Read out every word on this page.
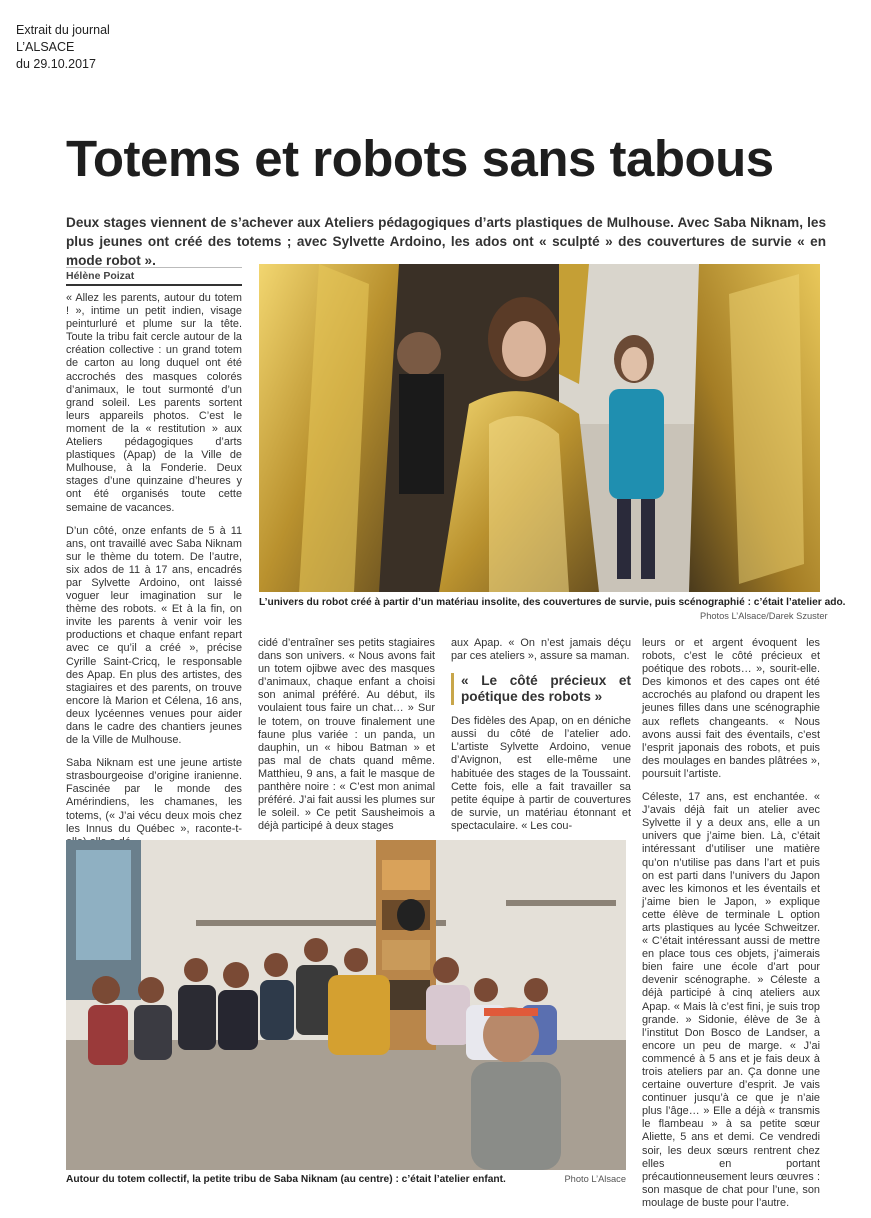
Extrait du journal
L’ALSACE
du 29.10.2017
Totems et robots sans tabous
Deux stages viennent de s’achever aux Ateliers pédagogiques d’arts plastiques de Mulhouse. Avec Saba Niknam, les plus jeunes ont créé des totems ; avec Sylvette Ardoino, les ados ont « sculpté » des couvertures de survie « en mode robot ».
Hélène Poizat

« Allez les parents, autour du totem ! », intime un petit indien, visage peinturluré et plume sur la tête. Toute la tribu fait cercle autour de la création collective : un grand totem de carton au long duquel ont été accrochés des masques colorés d’animaux, le tout surmonté d’un grand soleil. Les parents sortent leurs appareils photos. C’est le moment de la « restitution » aux Ateliers pédagogiques d’arts plastiques (Apap) de la Ville de Mulhouse, à la Fonderie. Deux stages d’une quinzaine d’heures y ont été organisés toute cette semaine de vacances.

D’un côté, onze enfants de 5 à 11 ans, ont travaillé avec Saba Niknam sur le thème du totem. De l’autre, six ados de 11 à 17 ans, encadrés par Sylvette Ardoino, ont laissé voguer leur imagination sur le thème des robots. « Et à la fin, on invite les parents à venir voir les productions et chaque enfant repart avec ce qu’il a créé », précise Cyrille Saint-Cricq, le responsable des Apap. En plus des artistes, des stagiaires et des parents, on trouve encore là Marion et Célena, 16 ans, deux lycéennes venues pour aider dans le cadre des chantiers jeunes de la Ville de Mulhouse.

Saba Niknam est une jeune artiste strasbourgeoise d’origine iranienne. Fascinée par le monde des Amérindiens, les chamanes, les totems, (« J’ai vécu deux mois chez les Innus du Québec », raconte-t-

L’univers du robot créé à partir d’un matériau insolite, des couvertures de survie, puis scénographié : c’était l’atelier ado.
Photos L’Alsace/Darek Szuster

cidé d’entraîner ses petits stagiaires dans son univers. « Nous avons fait un totem ojibwe avec des masques d’animaux, chaque enfant a choisi son animal préféré. Au début, ils voulaient tous faire un chat… » Sur le totem, on trouve finalement une faune plus variée : un panda, un dauphin, un « hibou Batman » et pas mal de chats quand même. Matthieu, 9 ans, a fait le masque de panthère noire : « C’est mon animal préféré. J’ai fait aussi les plumes sur le soleil. » Ce petit Sausheimois a déjà participé à deux stages

aux Apap. « On n’est jamais déçu par ces ateliers », assure sa maman.

« Le côté précieux et poétique des robots »

Des fidèles des Apap, on en déniche aussi du côté de l’atelier ado. L’artiste Sylvette Ardoino, venue d’Avignon, est elle-même une habituée des stages de la Toussaint. Cette fois, elle a fait travailler sa petite équipe à partir de couvertures de survie, un matériau étonnant et spectaculaire. « Les cou-

leurs or et argent évoquent les robots, c’est le côté précieux et poétique des robots… », sourit-elle. Des kimonos et des capes ont été accrochés au plafond ou drapent les jeunes filles dans une scénographie aux reflets changeants. « Nous avons aussi fait des éventails, c’est l’esprit japonais des robots, et puis des moulages en bandes plâtrées », poursuit l’artiste.

Céleste, 17 ans, est enchantée. « J’avais déjà fait un atelier avec Sylvette il y a deux ans, elle a un univers que j’aime bien. Là, c’était intéressant d’utiliser une matière qu’on n’utilise pas dans l’art et puis on est parti dans l’univers du Japon avec les kimonos et les éventails et j’aime bien le Japon, » explique cette élève de terminale L option arts plastiques au lycée Schweitzer. « C’était intéressant aussi de mettre en place tous ces objets, j’aimerais bien faire une école d’art pour devenir scénographe. » Céleste a déjà participé à cinq ateliers aux Apap. « Mais là c’est fini, je suis trop grande. » Sidonie, élève de 3e à l’institut Don Bosco de Landser, a encore un peu de marge. « J’ai commencé à 5 ans et je fais deux à trois ateliers par an. Ça donne une certaine ouverture d’esprit. Je vais continuer jusqu’à ce que je n’aie plus l’âge… » Elle a déjà « transmis le flambeau » à sa petite sœur Aliette, 5 ans et demi. Ce vendredi soir, les deux sœurs rentrent chez elles en portant précautionneusement leurs œuvres : son masque de chat pour l’une, son moulage de buste pour l’autre.

Autour du totem collectif, la petite tribu de Saba Niknam (au centre) : c’était l’atelier enfant.	Photo L’Alsace
